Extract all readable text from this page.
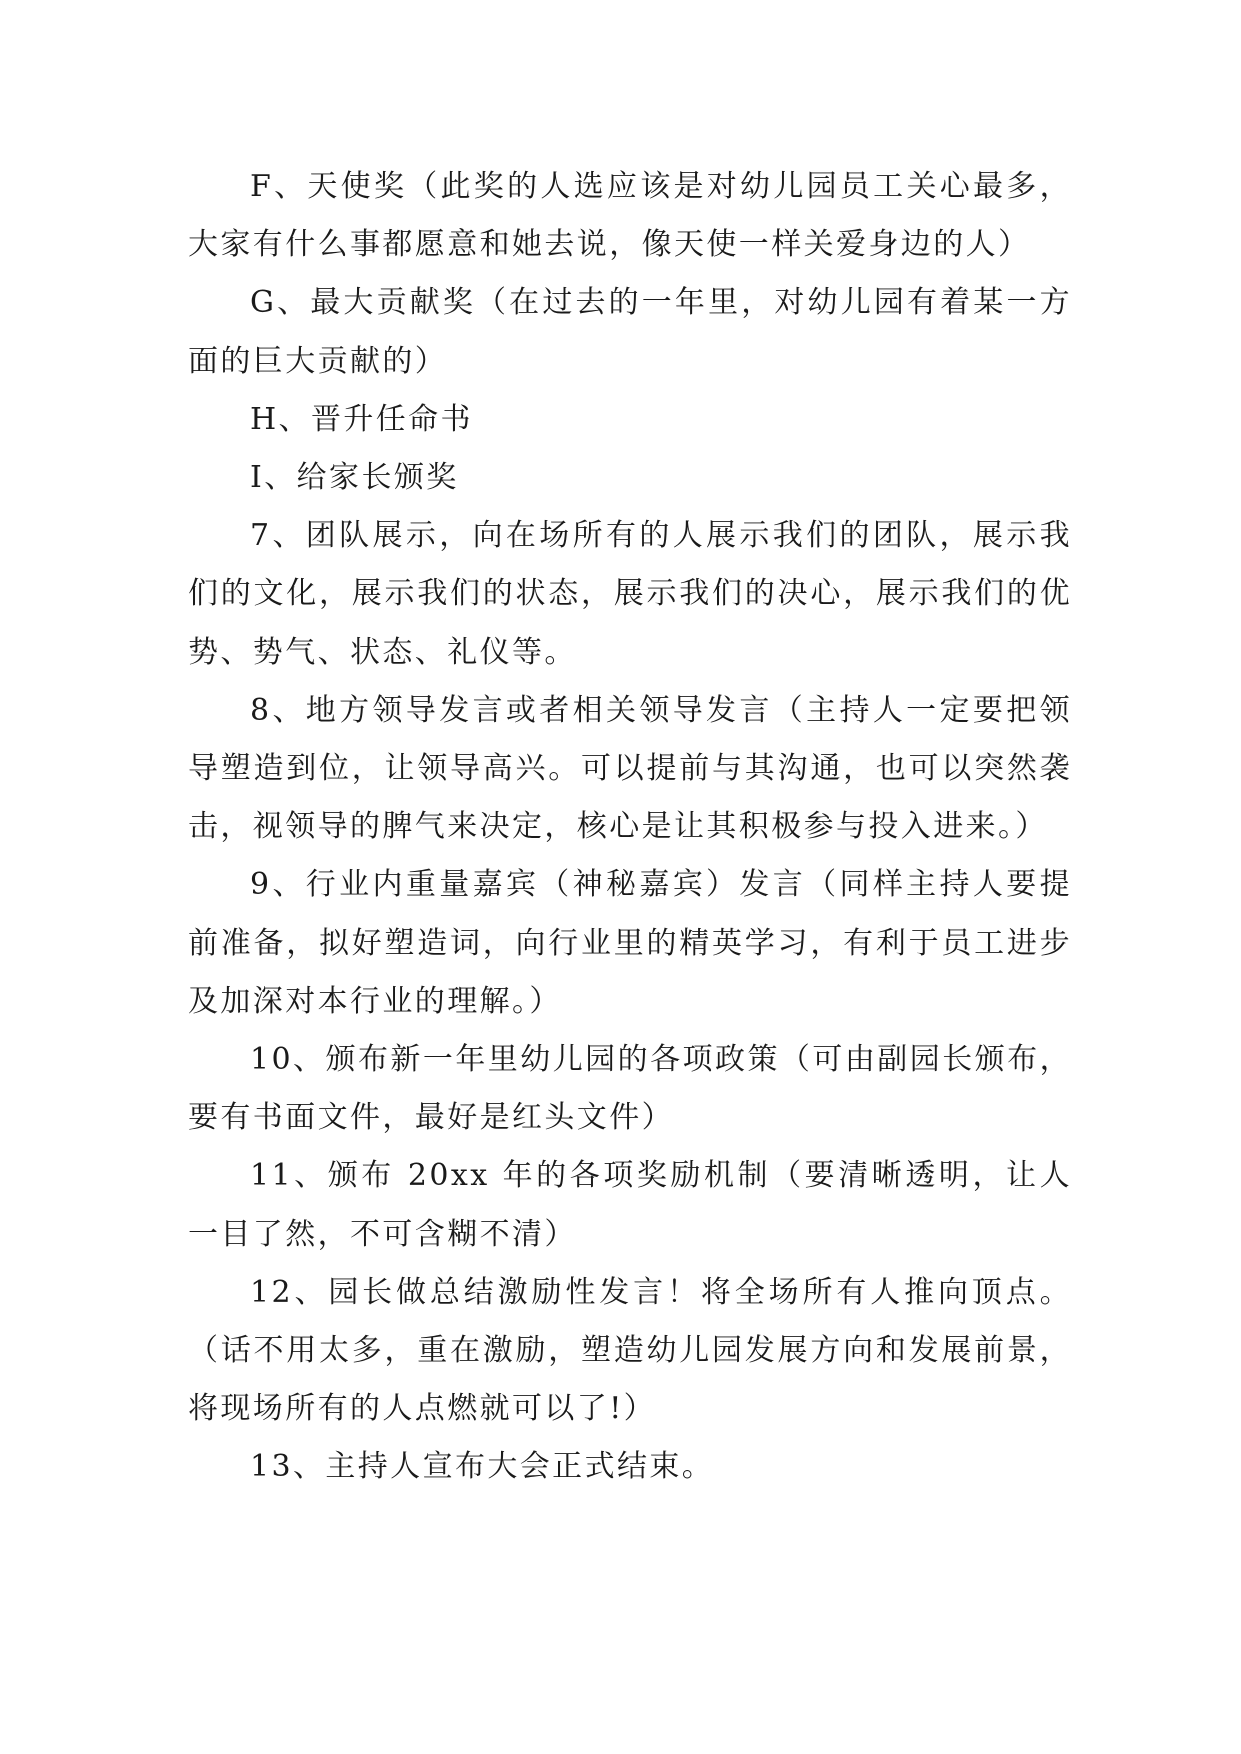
F、天使奖（此奖的人选应该是对幼儿园员工关心最多，大家有什么事都愿意和她去说，像天使一样关爱身边的人）

G、最大贡献奖（在过去的一年里，对幼儿园有着某一方面的巨大贡献的）

H、晋升任命书

I、给家长颁奖

7、团队展示，向在场所有的人展示我们的团队，展示我们的文化，展示我们的状态，展示我们的决心，展示我们的优势、势气、状态、礼仪等。

8、地方领导发言或者相关领导发言（主持人一定要把领导塑造到位，让领导高兴。可以提前与其沟通，也可以突然袭击，视领导的脾气来决定，核心是让其积极参与投入进来。）

9、行业内重量嘉宾（神秘嘉宾）发言（同样主持人要提前准备，拟好塑造词，向行业里的精英学习，有利于员工进步及加深对本行业的理解。）

10、颁布新一年里幼儿园的各项政策（可由副园长颁布，要有书面文件，最好是红头文件）

11、颁布 20xx 年的各项奖励机制（要清晰透明，让人一目了然，不可含糊不清）

12、园长做总结激励性发言！将全场所有人推向顶点。（话不用太多，重在激励，塑造幼儿园发展方向和发展前景，将现场所有的人点燃就可以了!）

13、主持人宣布大会正式结束。
